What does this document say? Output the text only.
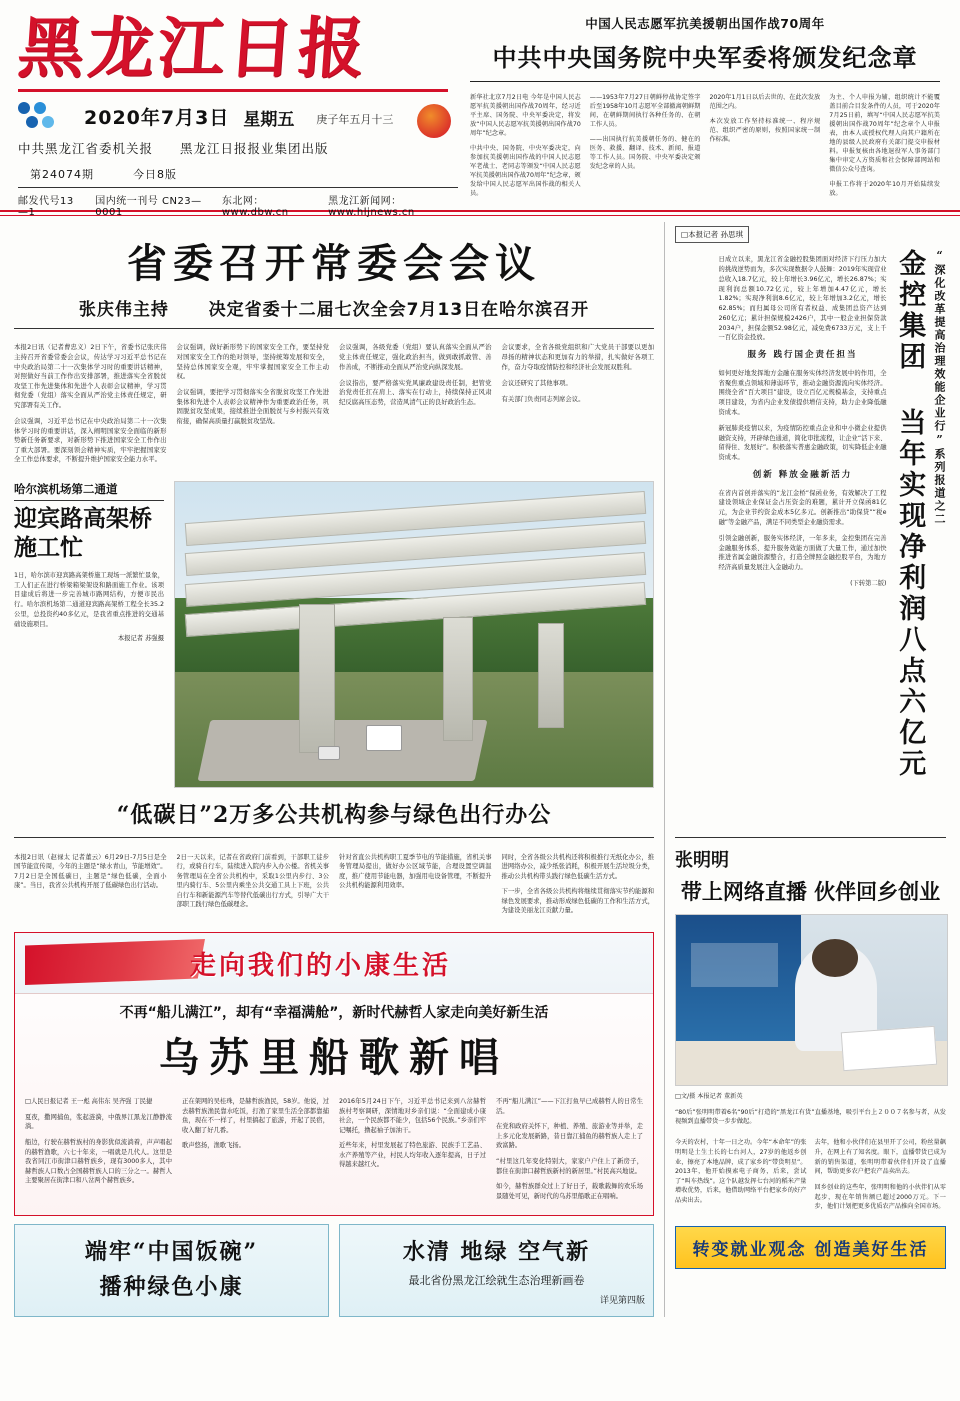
黑龙江日报
2020年7月3日 星期五 庚子年五月十三
中共黑龙江省委机关报 黑龙江日报报业集团出版
第24074期	今日8版
邮发代号13—1
国内统一刊号 CN23—0001
东北网：www.dbw.cn
黑龙江新闻网：www.hljnews.cn
中国人民志愿军抗美援朝出国作战70周年
中共中央国务院中央军委将颁发纪念章

新华社北京7月2日电 今年是中国人民志愿军抗美援朝出国作战70周年，经习近平主席、国务院、中央军委决定，将发放“中国人民志愿军抗美援朝出国作战70周年”纪念章。

中共中央、国务院、中央军委决定，向参加抗美援朝出国作战的中国人民志愿军老战士、老同志等颁发“中国人民志愿军抗美援朝出国作战70周年”纪念章，颁发给中国人民志愿军出国作战的相关人员。

——1953年7月27日朝鲜停战协定签字后至1958年10月志愿军全部撤离朝鲜期间，在朝鲜期间执行各种任务的、在朝工作人员。

——出国执行抗美援朝任务的、健在的医务、救援、翻译、技术、新闻、报道等工作人员。国务院、中央军委决定颁发纪念章的人员。

2020年1月1日以后去世的、在此次发放范围之内。

本次发放工作坚持标准统一、程序规范、组织严密的原则，按照国家统一制作标准。

为主、个人申报为辅，组织统计不能覆盖目前合目发条件的人员，可于2020年7月25日前，填写“中国人民志愿军抗美援朝出国作战70周年”纪念章个人申报表，由本人或授权代理人向其户籍所在地的县级人民政府有关部门提交申报材料。申报复核由各地退役军人事务部门集中审定人方资质和社会保障部网站和微信公众号查询。

申报工作将于2020年10月开始陆续发放。

省委召开常委会会议
张庆伟主持 决定省委十二届七次全会7月13日在哈尔滨召开

本报2日讯（记者曹忠义）2日下午，省委书记张庆伟主持召开省委常委会会议，传达学习习近平总书记在中央政治局第二十一次集体学习时的重要讲话精神，对照做好当前工作作出安排部署，推进落实全省脱贫攻坚工作先进集体和先进个人表彰会议精神，学习贯彻党委（党组）落实全面从严治党主体责任规定，研究部署有关工作。

会议强调，习近平总书记在中央政治局第二十一次集体学习时的重要讲话，深入阐明国家安全面临的新形势新任务新要求，对新形势下推进国家安全工作作出了重大部署。要深刻领会精神实质，牢牢把握国家安全工作总体要求，不断提升维护国家安全能力水平。

会议强调，做好新形势下的国家安全工作，要坚持党对国家安全工作的绝对领导，坚持统筹发展和安全，坚持总体国家安全观，牢牢掌握国家安全工作主动权。

会议强调，要把学习贯彻落实全省脱贫攻坚工作先进集体和先进个人表彰会议精神作为重要政治任务，巩固脱贫攻坚成果，接续推进全面脱贫与乡村振兴有效衔接，确保高质量打赢脱贫攻坚战。

会议强调，各级党委（党组）要认真落实全面从严治党主体责任规定，强化政治担当，做到敢抓敢管、善作善成，不断推动全面从严治党向纵深发展。

会议指出，要严格落实党风廉政建设责任制，把管党治党责任扛在肩上、落实在行动上，持续保持正风肃纪反腐高压态势，营造风清气正的良好政治生态。

会议要求，全省各级党组织和广大党员干部要以更加昂扬的精神状态和更加有力的举措，扎实做好各项工作，奋力夺取疫情防控和经济社会发展双胜利。

会议还研究了其他事项。

有关部门负责同志列席会议。

哈尔滨机场第二通道
迎宾路高架桥施工忙
1日，哈尔滨市迎宾路高架桥施工现场一派繁忙景象，工人们正在进行桥梁箱梁架设和路面施工作业。该项目建成后将进一步完善城市路网结构，方便市民出行。哈尔滨机场第二通道迎宾路高架桥工程全长35.2公里，总投资约40多亿元，是我省重点推进的交通基础设施项目。
本报记者 苏强摄
“低碳日”2万多公共机构参与绿色出行办公

本报2日讯（赵禄太 记者董云）6月29日-7月5日是全国节能宣传周，今年的主题是“绿水青山，节能增效”。7月2日是全国低碳日，主题是“绿色低碳，全面小康”。当日，我省公共机构开展了低碳绿色出行活动。

2日一天以来，记者在省政府门前看到，干部职工徒步行，或骑自行车，陆续进入院内步入办公楼。省机关事务管理局在全省公共机构中，采取1公里内步行、3公里内骑行车、5公里内乘坐公共交通工具上下班，公共自行车和新能源汽车等替代低碳出行方式，引导广大干部职工践行绿色低碳理念。

针对省直公共机构职工夏季节电的节能措施，省机关事务管理局提出，做好办公区域节能，合理设置空调温度，推广使用节能电器，加强用电设备管理，不断提升公共机构能源利用效率。

同时，全省各级公共机构还将积极推行无纸化办公，推进网络办公，减少纸张消耗，积极开展生活垃圾分类，推动公共机构带头践行绿色低碳生活方式。

下一步，全省各级公共机构将继续贯彻落实节约能源和绿色发展要求，推动形成绿色低碳的工作和生活方式，为建设美丽龙江贡献力量。

走向我们的小康生活
不再“船儿满江”，却有“幸福满舱”，新时代赫哲人家走向美好新生活
乌苏里船歌新唱

□人民日报记者 王一彪 高伟东 吴齐强 丁民捷

夏夜，撒网捕鱼，浆起涟漪，中俄界江黑龙江静静流淌。

船边，行驶在赫哲族村的身影犹似流淌着，声声唱起的赫哲渔歌，六七十年来，一唱就是几代人。这里是我省同江市街津口赫哲族乡，现有3000多人，其中赫哲族人口数占全国赫哲族人口的三分之一。赫哲人主要聚居在街津口和八岔两个赫哲族乡。

正在架网的吴桂珠，是赫哲族渔民，58岁。他说，过去赫哲族渔民靠水吃饭，打渔了家里生活全部都靠捕鱼，现在不一样了，村里搞起了旅游，开起了民宿，收入翻了好几番。

歌声悠扬，渔歌飞扬。

2016年5月24日下午，习近平总书记来到八岔赫哲族村考察调研，深情地对乡亲们说：“全面建成小康社会，一个民族都不能少，包括56个民族。”乡亲们牢记嘱托，撸起袖子加油干。

近些年来，村里发展起了特色旅游、民族手工艺品、水产养殖等产业，村民人均年收入逐年提高，日子过得越来越红火。

不再“船儿满江”——下江打鱼早已成赫哲人的日常生活。

在党和政府关怀下，种植、养殖、旅游业等并举，走上多元化发展新路，昔日靠江捕鱼的赫哲族人走上了致富路。

“村里这几年变化特别大，家家户户住上了新房子，都住在街津口赫哲族新村的新居里。”村民高兴地说。

如今，赫哲族群众过上了好日子，载歌载舞的欢乐场景随处可见，新时代的乌苏里船歌正在唱响。

端牢“中国饭碗”
播种绿色小康
水清 地绿 空气新
最北省份黑龙江绘就生态治理新画卷
详见第四版
□本报记者 孙思琪

日成立以来，黑龙江省金融控股集团面对经济下行压力加大的挑战逆势而为，多次实现数据令人鼓舞：2019年实现营业总收入18.7亿元，较上年增长3.96亿元，增长26.87%；实现利润总额10.72亿元，较上年增加4.47亿元，增长1.82%；实现净利润8.6亿元，较上年增加3.2亿元，增长62.85%；而归属母公司所有者权益、成集团总资产达到260亿元；累计担保规模2426户，其中一般企业担保贷款2034户，担保金额52.98亿元，减免费6733万元，支上千一百亿资金投放。

服务 践行国企责任担当

如何更好地发挥地方金融在服务实体经济发展中的作用，全省聚焦重点领域和薄弱环节，推动金融资源流向实体经济。围绕全省“百大项目”建设，设立百亿元规模基金，支持重点项目建设，为省内企业发债提供增信支持，助力企业降低融资成本。

新冠肺炎疫情以来，为疫情防控重点企业和中小微企业提供融资支持，开辟绿色通道，简化审批流程，让企业“活下来、留得住、发展好”。积极落实普惠金融政策，切实降低企业融资成本。

创新 释放金融新活力

在省内首创并落实的“龙江金桥”保函业务，有效解决了工程建设领域企业保证金占压资金的难题，累计开立保函81亿元，为企业节约资金成本5亿多元。创新推出“助保贷”“税e融”等金融产品，满足不同类型企业融资需求。

引领金融创新，服务实体经济，一年多来，金控集团在完善金融服务体系、提升服务效能方面做了大量工作，通过加快推进省属金融资源整合，打造全牌照金融控股平台，为地方经济高质量发展注入金融动力。

(下转第二版) 金控集团 当年实现净利润八点六亿元 “深化改革提高治理效能企业行”系列报道之二
张明明
带上网络直播 伙伴回乡创业
□文/摄 本报记者 董新英
“80后”张明明带着6名“90后”打造的“黑龙江有货”直播基地，吸引平台上２００７名参与者，从发视频到直播带货一步步做起。

今天的农村，十年一日之功。今年“本命年”的张明明是土生土长的七台河人，27岁的他返乡创业，擦亮了本地品牌，成了家乡的“带货明星”。2013年，他开始摸索电子商务，后来，尝试了“叫车热线”。这个队越发挥七台河的稻米产量增收优势，后来，他借助网络平台把家乡的好产品卖出去。

去年，他和小伙伴们在县里开了公司，粉丝量飙升，在网上有了知名度。眼下，直播带货已成为新的销售渠道，张明明带着伙伴们开设了直播间，帮助更多农户把农产品卖出去。

回乡创业的这些年，张明明和他的小伙伴们从零起步，现在年销售额已超过2000万元。下一步，他们计划把更多优质农产品推向全国市场。

转变就业观念 创造美好生活
